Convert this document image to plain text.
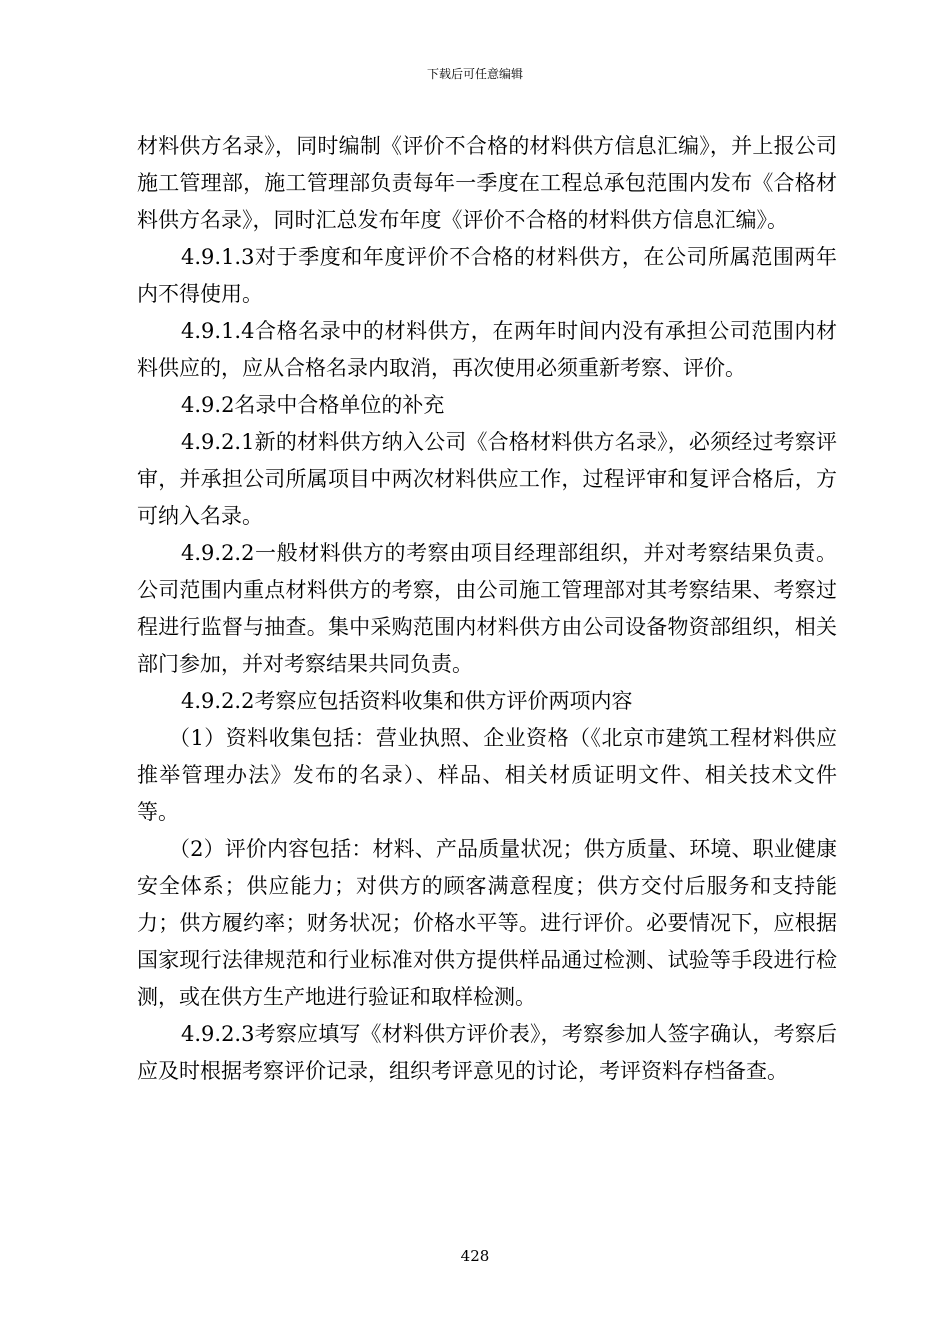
下载后可任意编辑

材料供方名录》，同时编制《评价不合格的材料供方信息汇编》，并上报公司施工管理部，施工管理部负责每年一季度在工程总承包范围内发布《合格材料供方名录》，同时汇总发布年度《评价不合格的材料供方信息汇编》。

4.9.1.3对于季度和年度评价不合格的材料供方，在公司所属范围两年内不得使用。

4.9.1.4合格名录中的材料供方，在两年时间内没有承担公司范围内材料供应的，应从合格名录内取消，再次使用必须重新考察、评价。

4.9.2名录中合格单位的补充

4.9.2.1新的材料供方纳入公司《合格材料供方名录》，必须经过考察评审，并承担公司所属项目中两次材料供应工作，过程评审和复评合格后，方可纳入名录。

4.9.2.2一般材料供方的考察由项目经理部组织，并对考察结果负责。公司范围内重点材料供方的考察，由公司施工管理部对其考察结果、考察过程进行监督与抽查。集中采购范围内材料供方由公司设备物资部组织，相关部门参加，并对考察结果共同负责。

4.9.2.2考察应包括资料收集和供方评价两项内容

（1）资料收集包括：营业执照、企业资格（《北京市建筑工程材料供应推举管理办法》发布的名录）、样品、相关材质证明文件、相关技术文件等。

（2）评价内容包括：材料、产品质量状况；供方质量、环境、职业健康安全体系；供应能力；对供方的顾客满意程度；供方交付后服务和支持能力；供方履约率；财务状况；价格水平等。进行评价。必要情况下，应根据国家现行法律规范和行业标准对供方提供样品通过检测、试验等手段进行检测，或在供方生产地进行验证和取样检测。

4.9.2.3考察应填写《材料供方评价表》，考察参加人签字确认，考察后应及时根据考察评价记录，组织考评意见的讨论，考评资料存档备查。

428
